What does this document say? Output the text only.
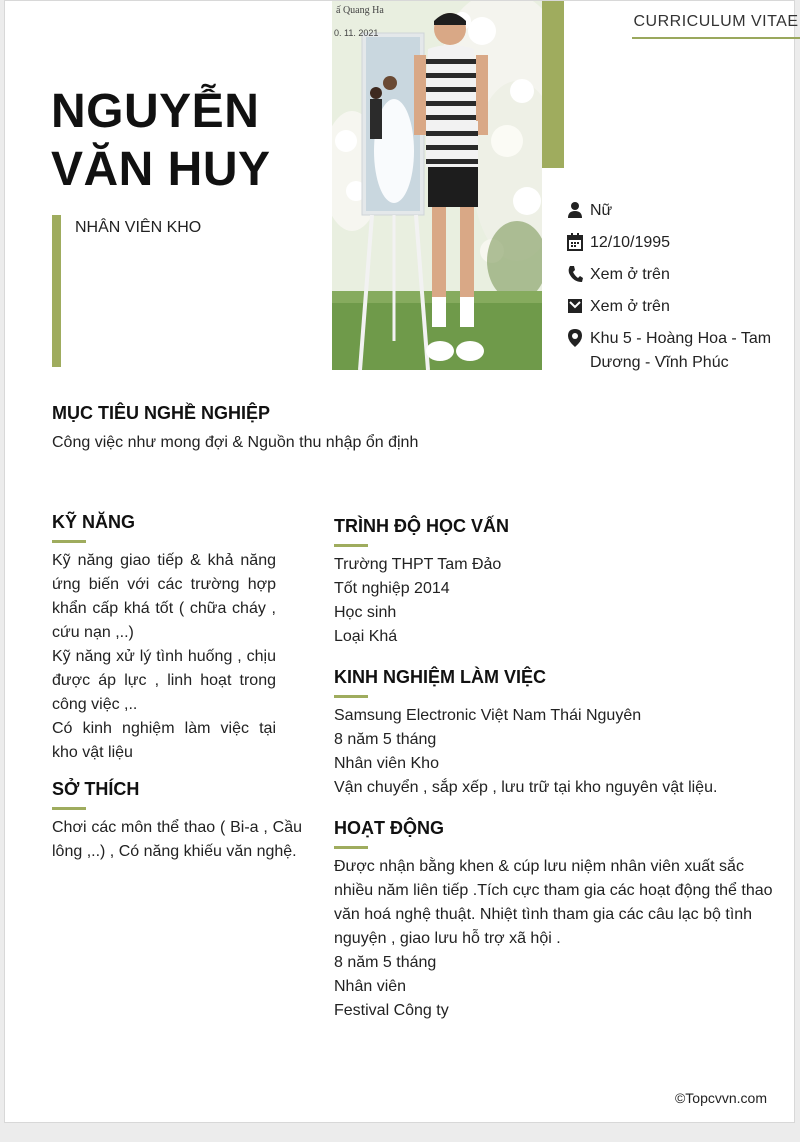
CURRICULUM VITAE
NGUYỄN
VĂN HUY
NHÂN VIÊN KHO
ấ Quang Ha
0. 11. 2021
Nữ
12/10/1995
Xem ở trên
Xem ở trên
Khu 5 - Hoàng Hoa - Tam Dương - Vĩnh Phúc
MỤC TIÊU NGHỀ NGHIỆP
Công việc như mong đợi & Nguồn thu nhập ổn định
KỸ NĂNG
Kỹ năng giao tiếp & khả năng ứng biến với các trường hợp khẩn cấp khá tốt ( chữa cháy , cứu nạn ,..)
Kỹ năng xử lý tình huống , chịu được áp lực , linh hoạt trong công việc ,..
Có kinh nghiệm làm việc tại kho vật liệu
SỞ THÍCH
Chơi các môn thể thao ( Bi-a , Cầu lông ,..) , Có năng khiếu văn nghệ.
TRÌNH ĐỘ HỌC VẤN
Trường THPT Tam Đảo
Tốt nghiệp 2014
Học sinh
Loại Khá
KINH NGHIỆM LÀM VIỆC
Samsung Electronic Việt Nam Thái Nguyên
8 năm 5 tháng
Nhân viên Kho
Vận chuyển , sắp xếp , lưu trữ tại kho nguyên vật liệu.
HOẠT ĐỘNG
Được nhận bằng khen & cúp lưu niệm nhân viên xuất sắc nhiều năm liên tiếp .Tích cực tham gia các hoạt động thể thao văn hoá nghệ thuật. Nhiệt tình tham gia các câu lạc bộ tình nguyện , giao lưu hỗ trợ xã hội .
8 năm 5 tháng
Nhân viên
Festival Công ty
©Topcvvn.com
